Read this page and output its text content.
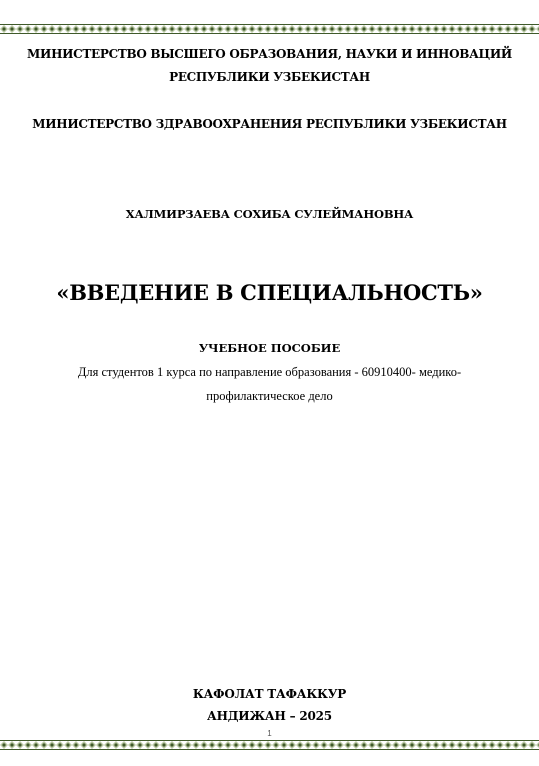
МИНИСТЕРСТВО ВЫСШЕГО ОБРАЗОВАНИЯ, НАУКИ И ИННОВАЦИЙ
РЕСПУБЛИКИ УЗБЕКИСТАН
МИНИСТЕРСТВО ЗДРАВООХРАНЕНИЯ РЕСПУБЛИКИ УЗБЕКИСТАН
ХАЛМИРЗАЕВА СОХИБА СУЛЕЙМАНОВНА
«ВВЕДЕНИЕ В СПЕЦИАЛЬНОСТЬ»
УЧЕБНОЕ ПОСОБИЕ
Для студентов 1 курса по направление образования - 60910400- медико-
профилактическое дело
КАФОЛАТ ТАФАККУР
АНДИЖАН – 2025
1
